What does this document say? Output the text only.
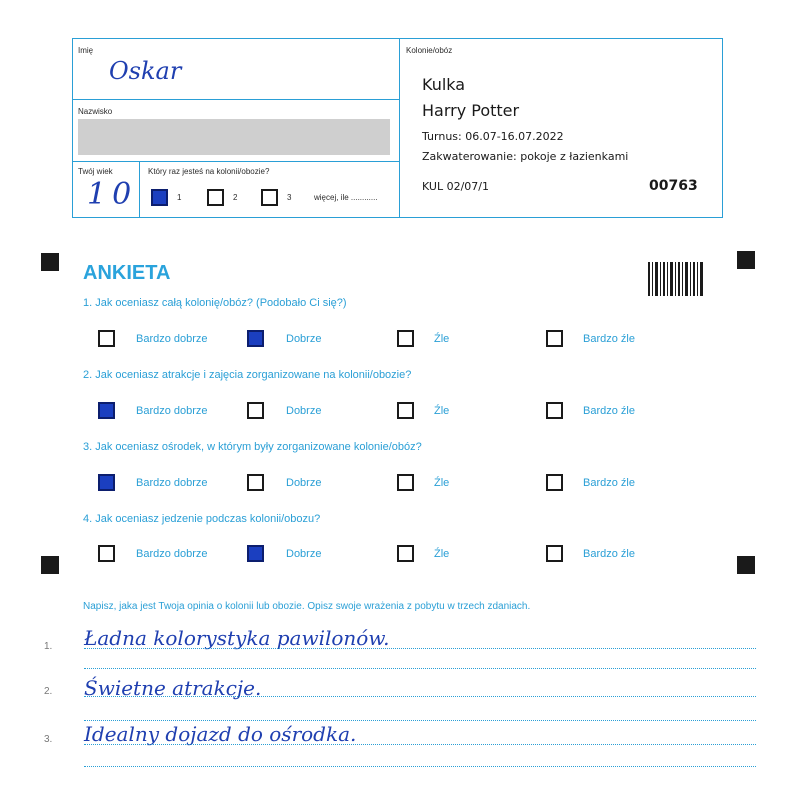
Imię
Oskar
Nazwisko
Twój wiek
10
Który raz jesteś na kolonii/obozie?
1	2	3	więcej, ile ............
Kolonie/obóz
Kulka
Harry Potter
Turnus: 06.07-16.07.2022
Zakwaterowanie: pokoje z łazienkami
KUL 02/07/1	00763
ANKIETA
1. Jak oceniasz całą kolonię/obóz? (Podobało Ci się?)
Bardzo dobrze	Dobrze	Źle	Bardzo źle
2. Jak oceniasz atrakcje i zajęcia zorganizowane na kolonii/obozie?
Bardzo dobrze	Dobrze	Źle	Bardzo źle
3. Jak oceniasz ośrodek, w którym były zorganizowane kolonie/obóz?
Bardzo dobrze	Dobrze	Źle	Bardzo źle
4. Jak oceniasz jedzenie podczas kolonii/obozu?
Bardzo dobrze	Dobrze	Źle	Bardzo źle
Napisz, jaka jest Twoja opinia o kolonii lub obozie. Opisz swoje wrażenia z pobytu w trzech zdaniach.
1. Ładna kolorystyka pawilonów.
2. Świetne atrakcje.
3. Idealny dojazd do ośrodka.
